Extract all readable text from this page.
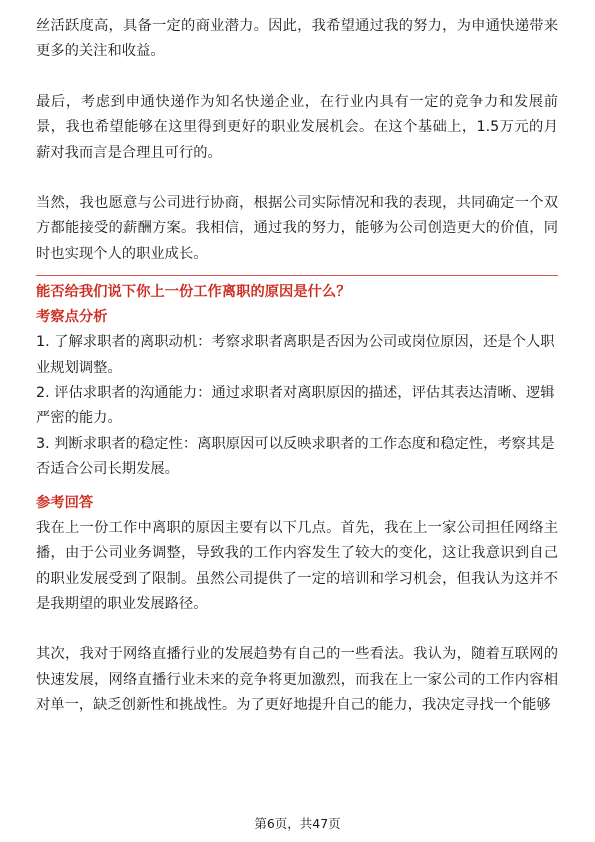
丝活跃度高，具备一定的商业潜力。因此，我希望通过我的努力，为申通快递带来更多的关注和收益。

最后，考虑到申通快递作为知名快递企业，在行业内具有一定的竞争力和发展前景，我也希望能够在这里得到更好的职业发展机会。在这个基础上，1.5万元的月薪对我而言是合理且可行的。

当然，我也愿意与公司进行协商，根据公司实际情况和我的表现，共同确定一个双方都能接受的薪酬方案。我相信，通过我的努力，能够为公司创造更大的价值，同时也实现个人的职业成长。

能否给我们说下你上一份工作离职的原因是什么？

考察点分析

1. 了解求职者的离职动机：考察求职者离职是否因为公司或岗位原因，还是个人职业规划调整。

2. 评估求职者的沟通能力：通过求职者对离职原因的描述，评估其表达清晰、逻辑严密的能力。

3. 判断求职者的稳定性：离职原因可以反映求职者的工作态度和稳定性，考察其是否适合公司长期发展。

参考回答

我在上一份工作中离职的原因主要有以下几点。首先，我在上一家公司担任网络主播，由于公司业务调整，导致我的工作内容发生了较大的变化，这让我意识到自己的职业发展受到了限制。虽然公司提供了一定的培训和学习机会，但我认为这并不是我期望的职业发展路径。

其次，我对于网络直播行业的发展趋势有自己的一些看法。我认为，随着互联网的快速发展，网络直播行业未来的竞争将更加激烈，而我在上一家公司的工作内容相对单一，缺乏创新性和挑战性。为了更好地提升自己的能力，我决定寻找一个能够

第6页，共47页
